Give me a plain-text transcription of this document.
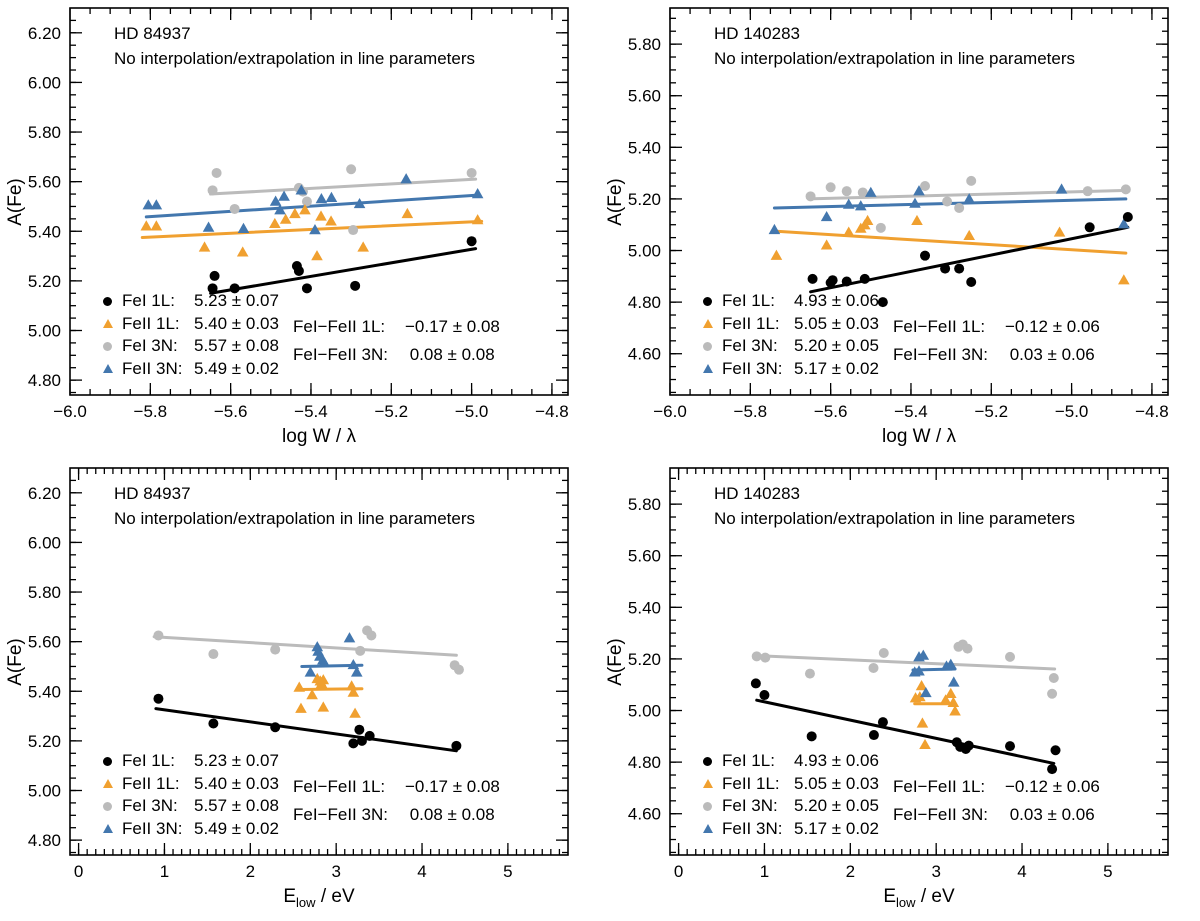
−6.0	−5.8	−5.6	−5.4	−5.2	−5.0	−4.8
4.80
5.00
5.20
5.40
5.60
5.80
6.00
6.20	HD 84937
No interpolation/extrapolation in line parameters
FeI 1L:	5.23 ± 0.07
FeII 1L: 5.40 ± 0.03
FeI 3N: 5.57 ± 0.08
FeII 3N: 5.49 ± 0.02
FeI−FeII 1L:	−0.17 ± 0.08
FeI−FeII 3N:	0.08 ± 0.08
log W / λ
A(Fe)
−6.0	−5.8	−5.6	−5.4	−5.2	−5.0	−4.8
4.60
4.80
5.00
5.20
5.40
5.60
5.80
HD 140283
No interpolation/extrapolation in line parameters
FeI 1L:	4.93 ± 0.06
FeII 1L: 5.05 ± 0.03
FeI 3N: 5.20 ± 0.05
FeII 3N: 5.17 ± 0.02
FeI−FeII 1L:	−0.12 ± 0.06
FeI−FeII 3N:	0.03 ± 0.06
log W / λ
A(Fe)
0	1	2	3	4	5
4.80
5.00
5.20
5.40
5.60
5.80
6.00
6.20	HD 84937
No interpolation/extrapolation in line parameters
FeI 1L:	5.23 ± 0.07
FeII 1L: 5.40 ± 0.03
FeI 3N: 5.57 ± 0.08
FeII 3N: 5.49 ± 0.02
FeI−FeII 1L:	−0.17 ± 0.08
FeI−FeII 3N:	0.08 ± 0.08
$E_{low}$ / eV
A(Fe)
0	1	2	3	4	5
4.60
4.80
5.00
5.20
5.40
5.60
5.80
HD 140283
No interpolation/extrapolation in line parameters
FeI 1L:	4.93 ± 0.06
FeII 1L: 5.05 ± 0.03
FeI 3N: 5.20 ± 0.05
FeII 3N: 5.17 ± 0.02
FeI−FeII 1L:	−0.12 ± 0.06
FeI−FeII 3N:	0.03 ± 0.06
$E_{low}$ / eV
A(Fe)
